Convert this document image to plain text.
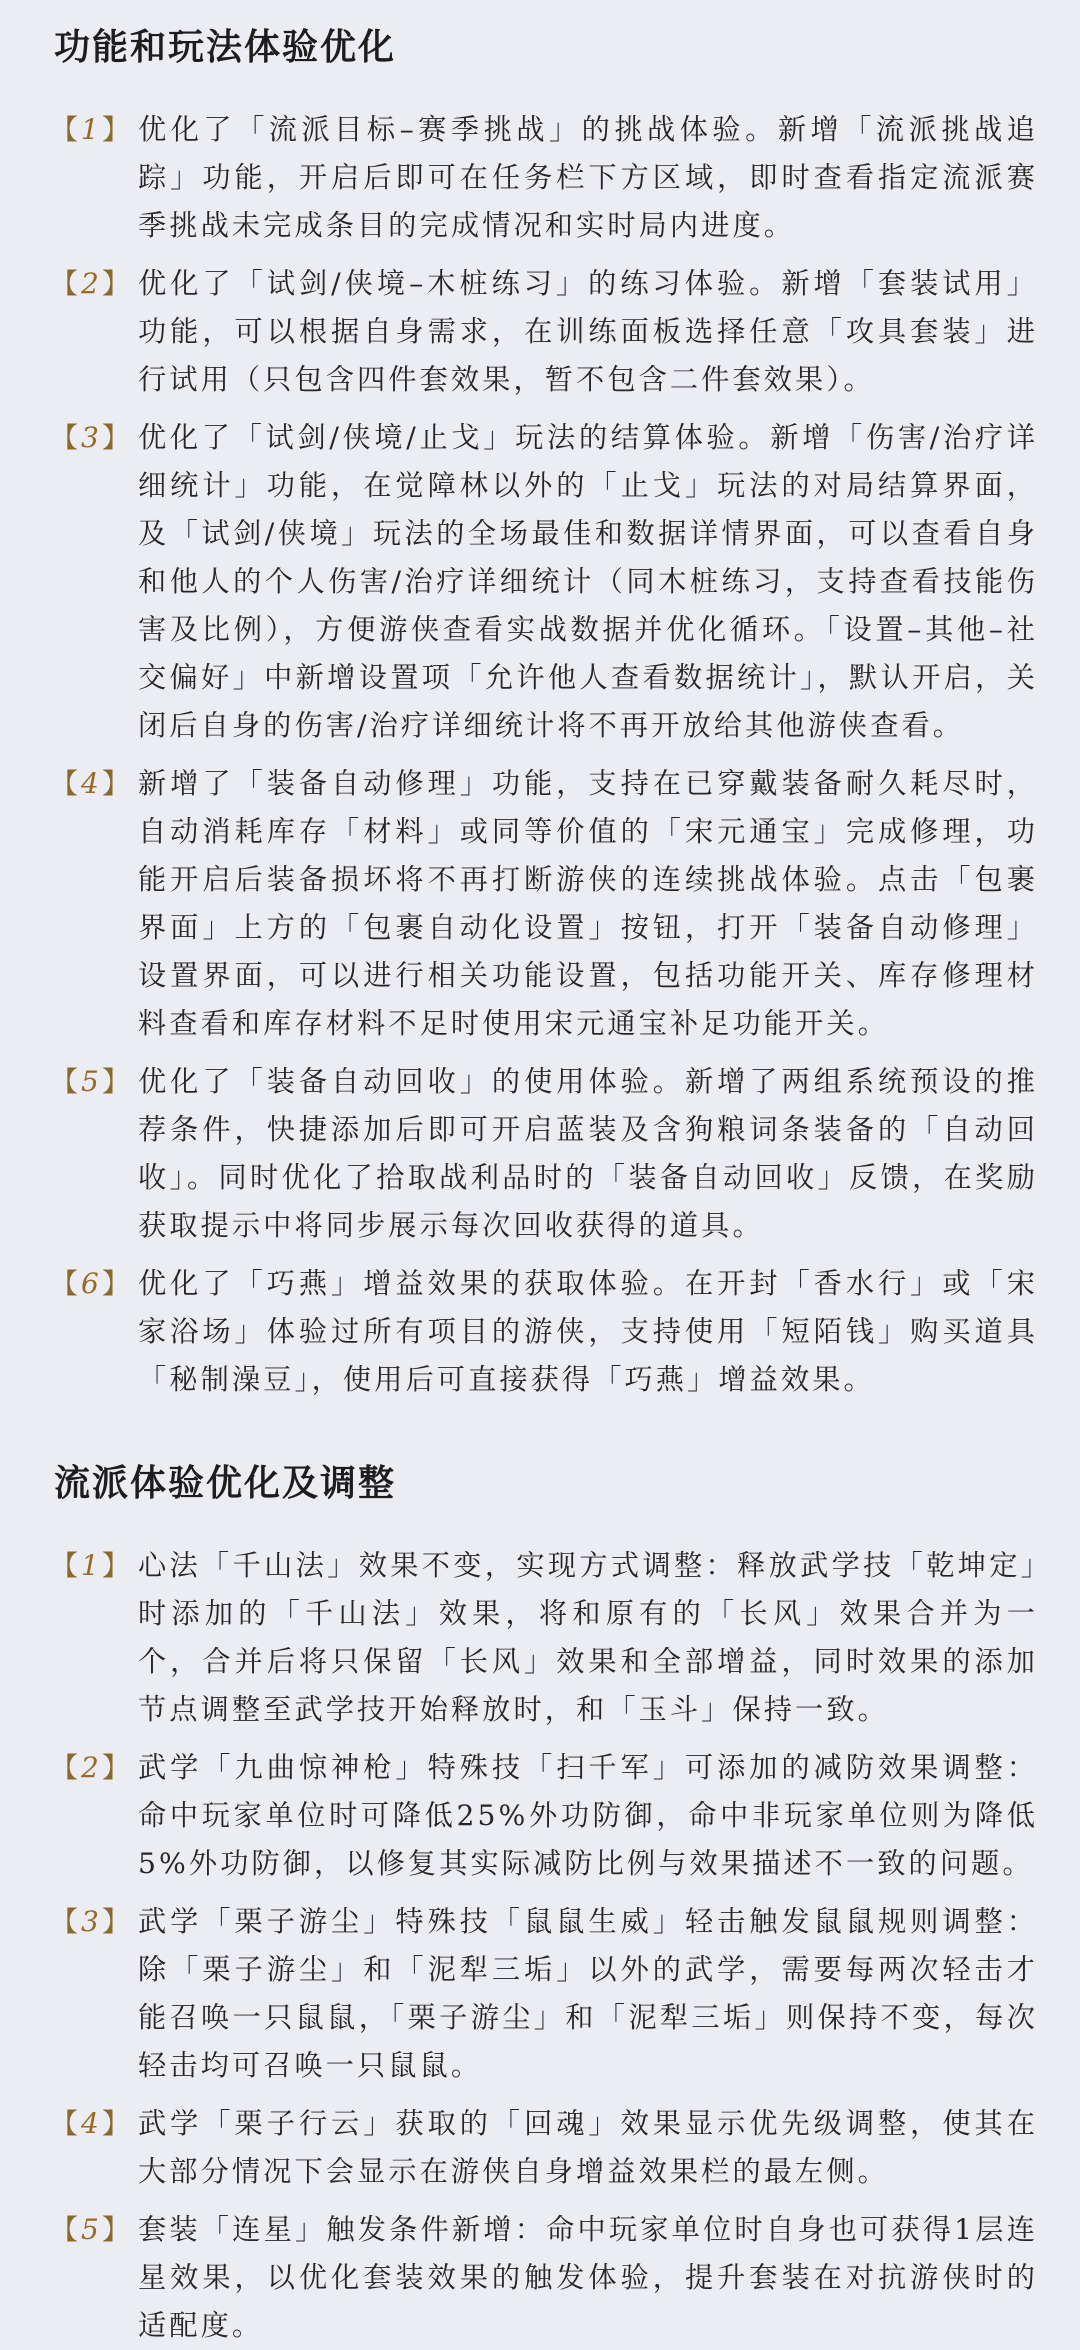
功能和玩法体验优化
【1】 优化了「流派目标–赛季挑战」的挑战体验。新增「流派挑战追踪」功能，开启后即可在任务栏下方区域，即时查看指定流派赛季挑战未完成条目的完成情况和实时局内进度。
【2】 优化了「试剑/侠境–木桩练习」的练习体验。新增「套装试用」功能，可以根据自身需求，在训练面板选择任意「攻具套装」进行试用（只包含四件套效果，暂不包含二件套效果）。
【3】 优化了「试剑/侠境/止戈」玩法的结算体验。新增「伤害/治疗详细统计」功能，在觉障林以外的「止戈」玩法的对局结算界面，及「试剑/侠境」玩法的全场最佳和数据详情界面，可以查看自身和他人的个人伤害/治疗详细统计（同木桩练习，支持查看技能伤害及比例），方便游侠查看实战数据并优化循环。「设置–其他–社交偏好」中新增设置项「允许他人查看数据统计」，默认开启，关闭后自身的伤害/治疗详细统计将不再开放给其他游侠查看。
【4】 新增了「装备自动修理」功能，支持在已穿戴装备耐久耗尽时，自动消耗库存「材料」或同等价值的「宋元通宝」完成修理，功能开启后装备损坏将不再打断游侠的连续挑战体验。点击「包裹界面」上方的「包裹自动化设置」按钮，打开「装备自动修理」设置界面，可以进行相关功能设置，包括功能开关、库存修理材料查看和库存材料不足时使用宋元通宝补足功能开关。
【5】 优化了「装备自动回收」的使用体验。新增了两组系统预设的推荐条件，快捷添加后即可开启蓝装及含狗粮词条装备的「自动回收」。同时优化了拾取战利品时的「装备自动回收」反馈，在奖励获取提示中将同步展示每次回收获得的道具。
【6】 优化了「巧燕」增益效果的获取体验。在开封「香水行」或「宋家浴场」体验过所有项目的游侠，支持使用「短陌钱」购买道具「秘制澡豆」，使用后可直接获得「巧燕」增益效果。
流派体验优化及调整
【1】 心法「千山法」效果不变，实现方式调整：释放武学技「乾坤定」时添加的「千山法」效果，将和原有的「长风」效果合并为一个，合并后将只保留「长风」效果和全部增益，同时效果的添加节点调整至武学技开始释放时，和「玉斗」保持一致。
【2】 武学「九曲惊神枪」特殊技「扫千军」可添加的减防效果调整：命中玩家单位时可降低25%外功防御，命中非玩家单位则为降低5%外功防御，以修复其实际减防比例与效果描述不一致的问题。
【3】 武学「栗子游尘」特殊技「鼠鼠生威」轻击触发鼠鼠规则调整：除「栗子游尘」和「泥犁三垢」以外的武学，需要每两次轻击才能召唤一只鼠鼠，「栗子游尘」和「泥犁三垢」则保持不变，每次轻击均可召唤一只鼠鼠。
【4】 武学「栗子行云」获取的「回魂」效果显示优先级调整，使其在大部分情况下会显示在游侠自身增益效果栏的最左侧。
【5】 套装「连星」触发条件新增：命中玩家单位时自身也可获得1层连星效果，以优化套装效果的触发体验，提升套装在对抗游侠时的适配度。
